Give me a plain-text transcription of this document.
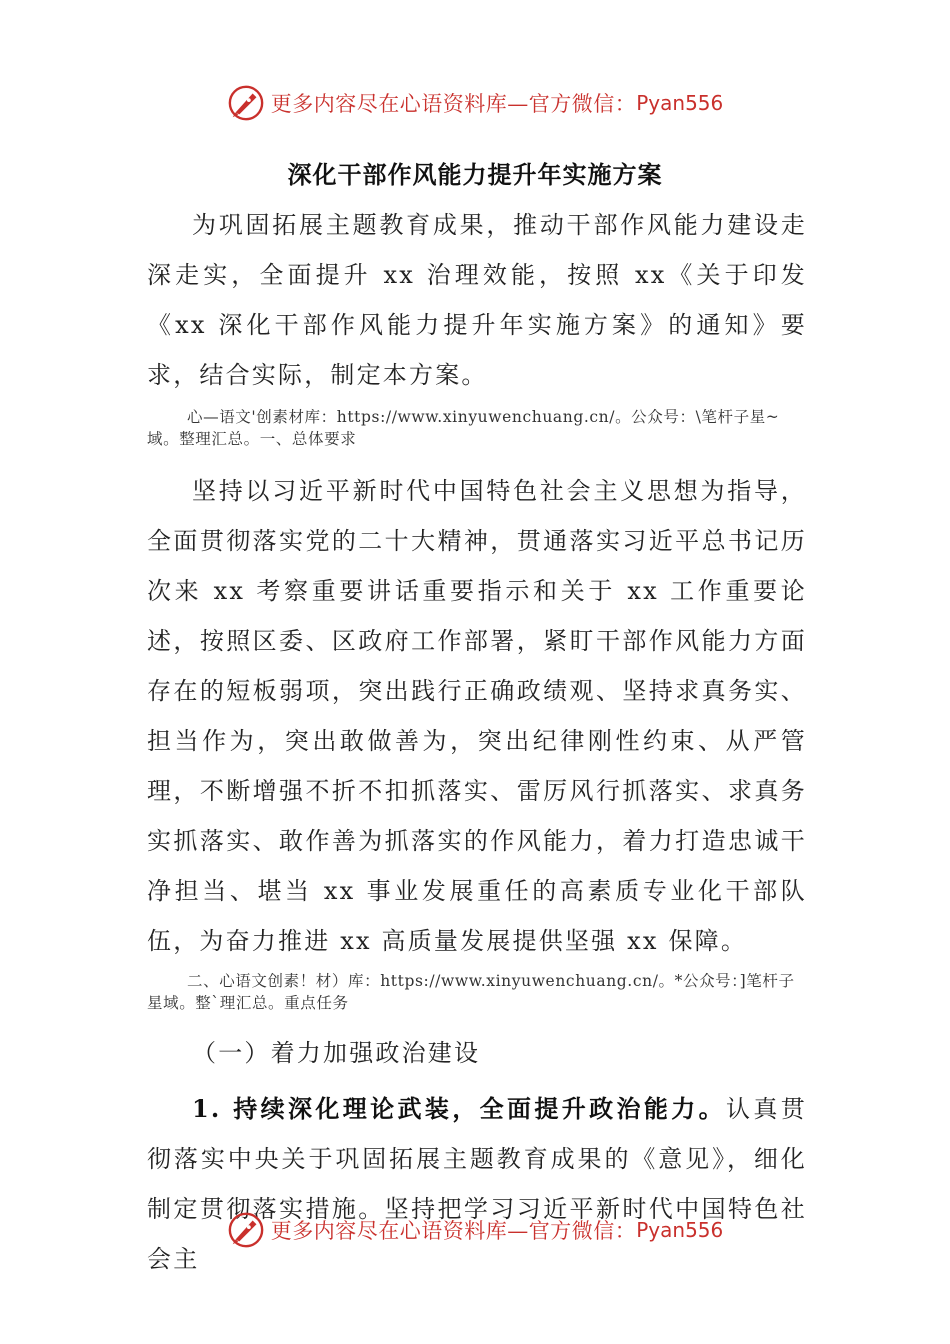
更多内容尽在心语资料库—官方微信： Pyan556
深化干部作风能力提升年实施方案

为巩固拓展主题教育成果，推动干部作风能力建设走深走实，全面提升 xx 治理效能，按照 xx《关于印发《xx 深化干部作风能力提升年实施方案》的通知》要求，结合实际，制定本方案。

心—语文'创素材库：https://www.xinyuwenchuang.cn/。公众号：\笔杆子星~域。整理汇总。一、总体要求

坚持以习近平新时代中国特色社会主义思想为指导，全面贯彻落实党的二十大精神，贯通落实习近平总书记历次来 xx 考察重要讲话重要指示和关于 xx 工作重要论述，按照区委、区政府工作部署，紧盯干部作风能力方面存在的短板弱项，突出践行正确政绩观、坚持求真务实、担当作为，突出敢做善为，突出纪律刚性约束、从严管理，不断增强不折不扣抓落实、雷厉风行抓落实、求真务实抓落实、敢作善为抓落实的作风能力，着力打造忠诚干净担当、堪当 xx 事业发展重任的高素质专业化干部队伍，为奋力推进 xx 高质量发展提供坚强 xx 保障。

二、心语文创素！材）库：https://www.xinyuwenchuang.cn/。*公众号：]笔杆子星域。整`理汇总。重点任务

（一）着力加强政治建设

1. 持续深化理论武装，全面提升政治能力。认真贯彻落实中央关于巩固拓展主题教育成果的《意见》，细化制定贯彻落实措施。坚持把学习习近平新时代中国特色社会主

更多内容尽在心语资料库—官方微信： Pyan556
